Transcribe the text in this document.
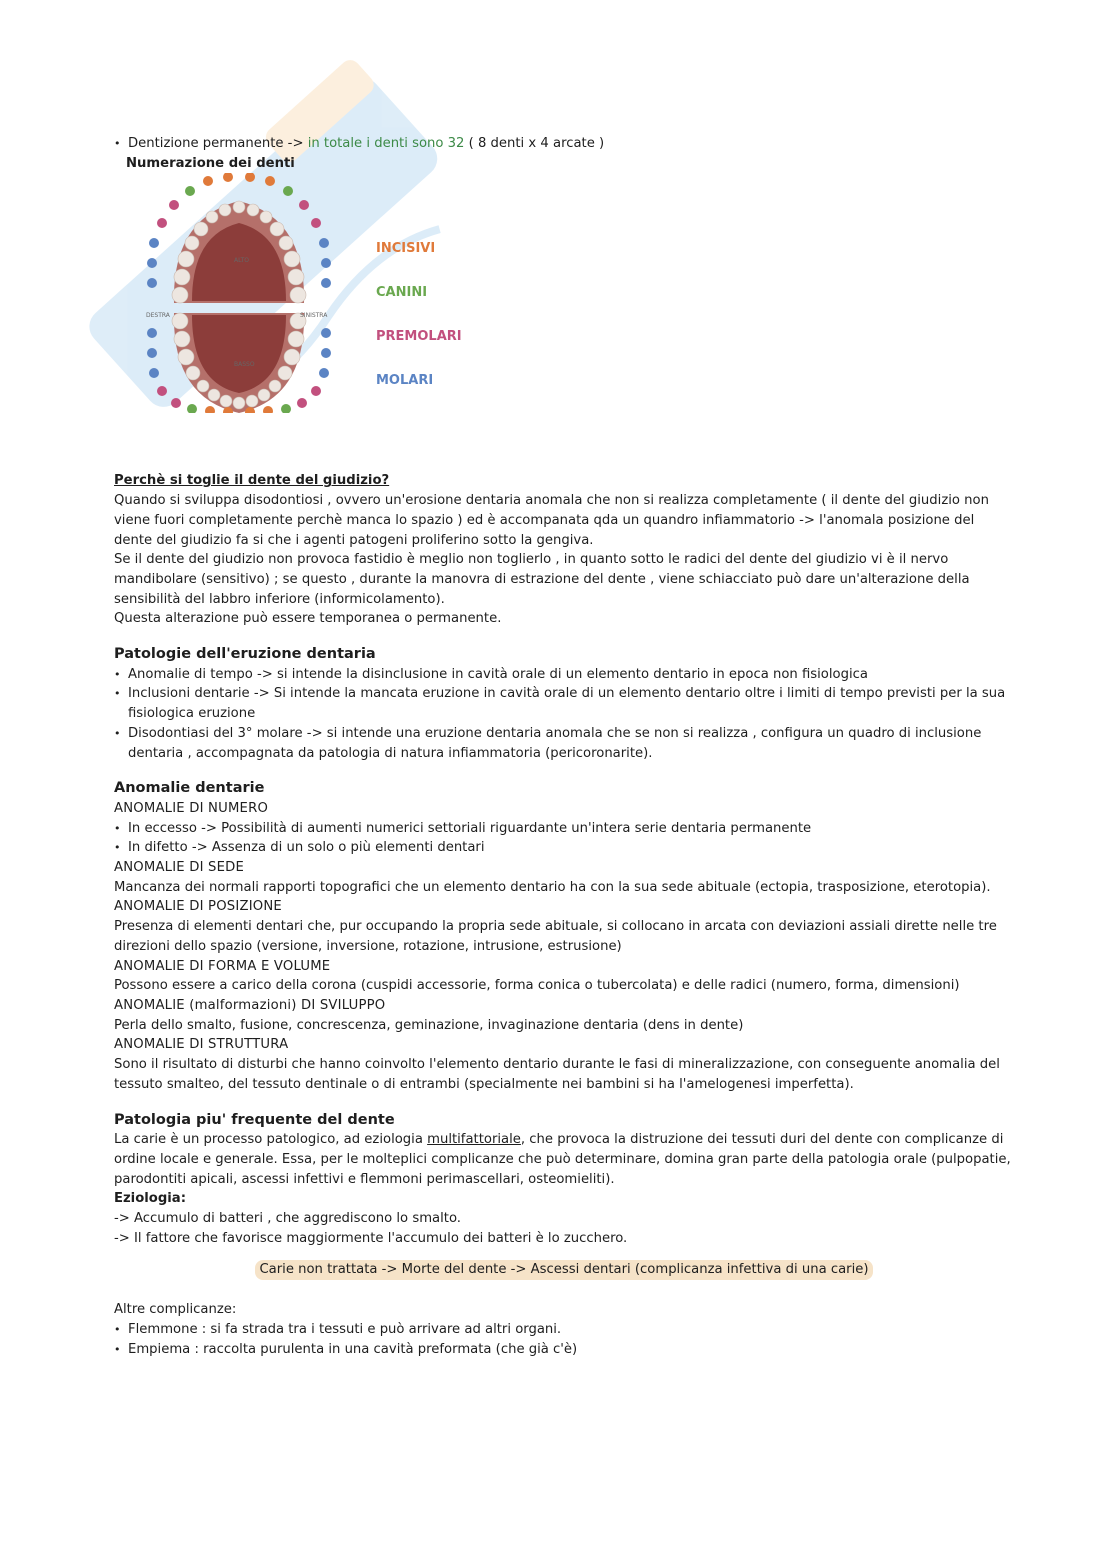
• Dentizione permanente -> in totale i denti sono 32 ( 8 denti x 4 arcate )

Numerazione dei denti

ALTO
BASSO
DESTRA	SINISTRA
INCISIVI
CANINI
PREMOLARI
MOLARI

Perchè si toglie il dente del giudizio?

Quando si sviluppa disodontiosi , ovvero un'erosione dentaria anomala che non si realizza completamente ( il dente del giudizio non viene fuori completamente perchè manca lo spazio ) ed è accompanata qda un quandro infiammatorio -> l'anomala posizione del dente del giudizio fa si che i agenti patogeni proliferino sotto la gengiva.

Se il dente del giudizio non provoca fastidio è meglio non toglierlo , in quanto sotto le radici del dente del giudizio vi è il nervo mandibolare (sensitivo) ; se questo , durante la manovra di estrazione del dente , viene schiacciato può dare un'alterazione della sensibilità del labbro inferiore (informicolamento).

Questa alterazione può essere temporanea o permanente.

Patologie dell'eruzione dentaria

• Anomalie di tempo -> si intende la disinclusione in cavità orale di un elemento dentario in epoca non fisiologica

• Inclusioni dentarie -> Si intende la mancata eruzione in cavità orale di un elemento dentario oltre i limiti di tempo previsti per la sua fisiologica eruzione

• Disodontiasi del 3° molare -> si intende una eruzione dentaria anomala che se non si realizza , configura un quadro di inclusione dentaria , accompagnata da patologia di natura infiammatoria (pericoronarite).

Anomalie dentarie

ANOMALIE DI NUMERO

• In eccesso -> Possibilità di aumenti numerici settoriali riguardante un'intera serie dentaria permanente

• In difetto -> Assenza di un solo o più elementi dentari

ANOMALIE DI SEDE

Mancanza dei normali rapporti topografici che un elemento dentario ha con la sua sede abituale (ectopia, trasposizione, eterotopia).

ANOMALIE DI POSIZIONE

Presenza di elementi dentari che, pur occupando la propria sede abituale, si collocano in arcata con deviazioni assiali dirette nelle tre direzioni dello spazio (versione, inversione, rotazione, intrusione, estrusione)

ANOMALIE DI FORMA E VOLUME

Possono essere a carico della corona (cuspidi accessorie, forma conica o tubercolata) e delle radici (numero, forma, dimensioni)

ANOMALIE (malformazioni) DI SVILUPPO

Perla dello smalto, fusione, concrescenza, geminazione, invaginazione dentaria (dens in dente)

ANOMALIE DI STRUTTURA

Sono il risultato di disturbi che hanno coinvolto l'elemento dentario durante le fasi di mineralizzazione, con conseguente anomalia del tessuto smalteo, del tessuto dentinale o di entrambi (specialmente nei bambini si ha l'amelogenesi imperfetta).

Patologia piu' frequente del dente

La carie è un processo patologico, ad eziologia multifattoriale, che provoca la distruzione dei tessuti duri del dente con complicanze di ordine locale e generale. Essa, per le molteplici complicanze che può determinare, domina gran parte della patologia orale (pulpopatie, parodontiti apicali, ascessi infettivi e flemmoni perimascellari, osteomieliti).

Eziologia:

-> Accumulo di batteri , che aggrediscono lo smalto.

-> Il fattore che favorisce maggiormente l'accumulo dei batteri è lo zucchero.

Carie non trattata -> Morte del dente -> Ascessi dentari (complicanza infettiva di una carie)

Altre complicanze:

• Flemmone : si fa strada tra i tessuti e può arrivare ad altri organi.

• Empiema : raccolta purulenta in una cavità preformata (che già c'è)
